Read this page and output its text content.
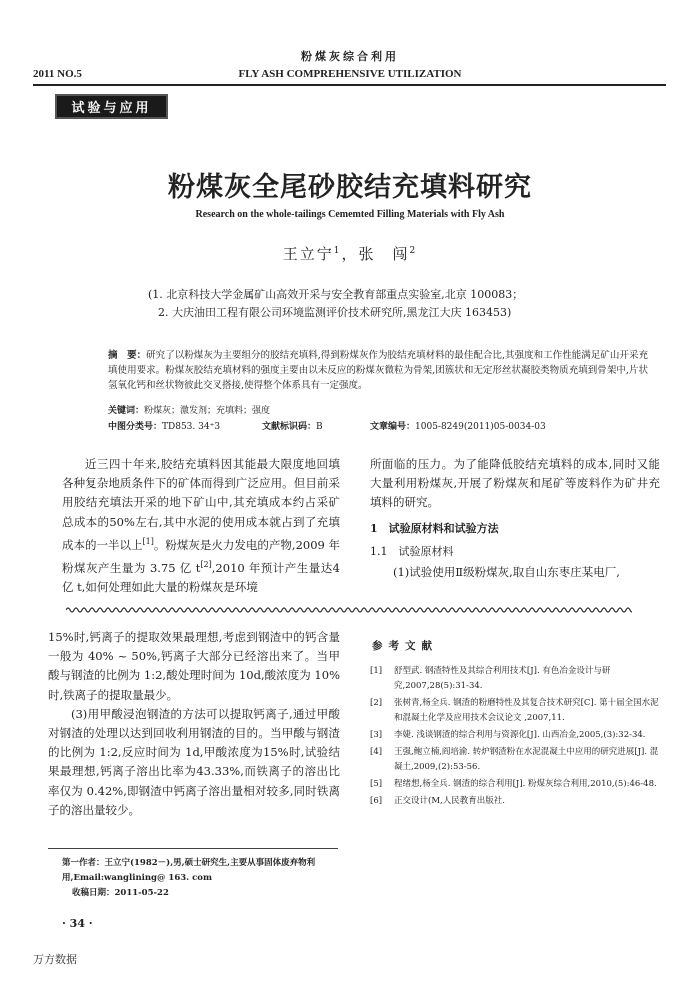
粉煤灰综合利用
2011 NO.5	FLY ASH COMPREHENSIVE UTILIZATION
试验与应用
粉煤灰全尾砂胶结充填料研究
Research on the whole-tailings Cememted Filling Materials with Fly Ash
王立宁$^1$，张　闯$^2$
(1. 北京科技大学金属矿山高效开采与安全教育部重点实验室,北京 100083；
2. 大庆油田工程有限公司环境监测评价技术研究所,黑龙江大庆 163453)
摘　要：研究了以粉煤灰为主要组分的胶结充填料,得到粉煤灰作为胶结充填材料的最佳配合比,其强度和工作性能满足矿山开采充填使用要求。粉煤灰胶结充填材料的强度主要由以未反应的粉煤灰微粒为骨架,团簇状和无定形丝状凝胶类物质充填到骨架中,片状氢氧化钙和丝状物彼此交叉搭接,使得整个体系具有一定强度。
关键词：粉煤灰；激发剂；充填料；强度
中图分类号：TD853. 34⁺3	文献标识码：B	文章编号：1005-8249(2011)05-0034-03

近三四十年来,胶结充填料因其能最大限度地回填各种复杂地质条件下的矿体而得到广泛应用。但目前采用胶结充填法开采的地下矿山中,其充填成本约占采矿总成本的50%左右,其中水泥的使用成本就占到了充填成本的一半以上[1]。粉煤灰是火力发电的产物,2009 年粉煤灰产生量为 3.75 亿 t[2],2010 年预计产生量达4 亿 t,如何处理如此大量的粉煤灰是环境

所面临的压力。为了能降低胶结充填料的成本,同时又能大量利用粉煤灰,开展了粉煤灰和尾矿等废料作为矿井充填料的研究。

1　试验原材料和试验方法
1.1　试验原材料

(1)试验使用Ⅱ级粉煤灰,取自山东枣庄某电厂,

15%时,钙离子的提取效果最理想,考虑到钢渣中的钙含量一般为 40% ~ 50%,钙离子大部分已经溶出来了。当甲酸与钢渣的比例为 1:2,酸处理时间为 10d,酸浓度为 10%时,铁离子的提取量最少。

(3)用甲酸浸泡钢渣的方法可以提取钙离子,通过甲酸对钢渣的处理以达到回收利用钢渣的目的。当甲酸与钢渣的比例为 1:2,反应时间为 1d,甲酸浓度为15%时,试验结果最理想,钙离子溶出比率为43.33%,而铁离子的溶出比率仅为 0.42%,即钢渣中钙离子溶出量相对较多,同时铁离子的溶出量较少。

参考文献
[1]	舒型武. 钢渣特性及其综合利用技术[J]. 有色冶金设计与研究,2007,28(5):31-34.
[2]	张树青,杨全兵. 钢渣的粉磨特性及其复合技术研究[C]. 第十届全国水泥和混凝土化学及应用技术会议论文 ,2007,11.
[3]	李婕. 浅谈钢渣的综合利用与资源化[J]. 山西冶金,2005,(3):32-34.
[4]	王强,鲍立楠,阎培渝. 转炉钢渣粉在水泥混凝土中应用的研究进展[J]. 混凝土,2009,(2):53-56.
[5]	程绪想,杨全兵. 钢渣的综合利用[J]. 粉煤灰综合利用,2010,(5):46-48.
[6]	正交设计(M,人民教育出版社.
第一作者：王立宁(1982－),男,硕士研究生,主要从事固体废弃物利用,Email:wanglining@ 163. com
收稿日期：2011-05-22
· 34 ·
万方数据
